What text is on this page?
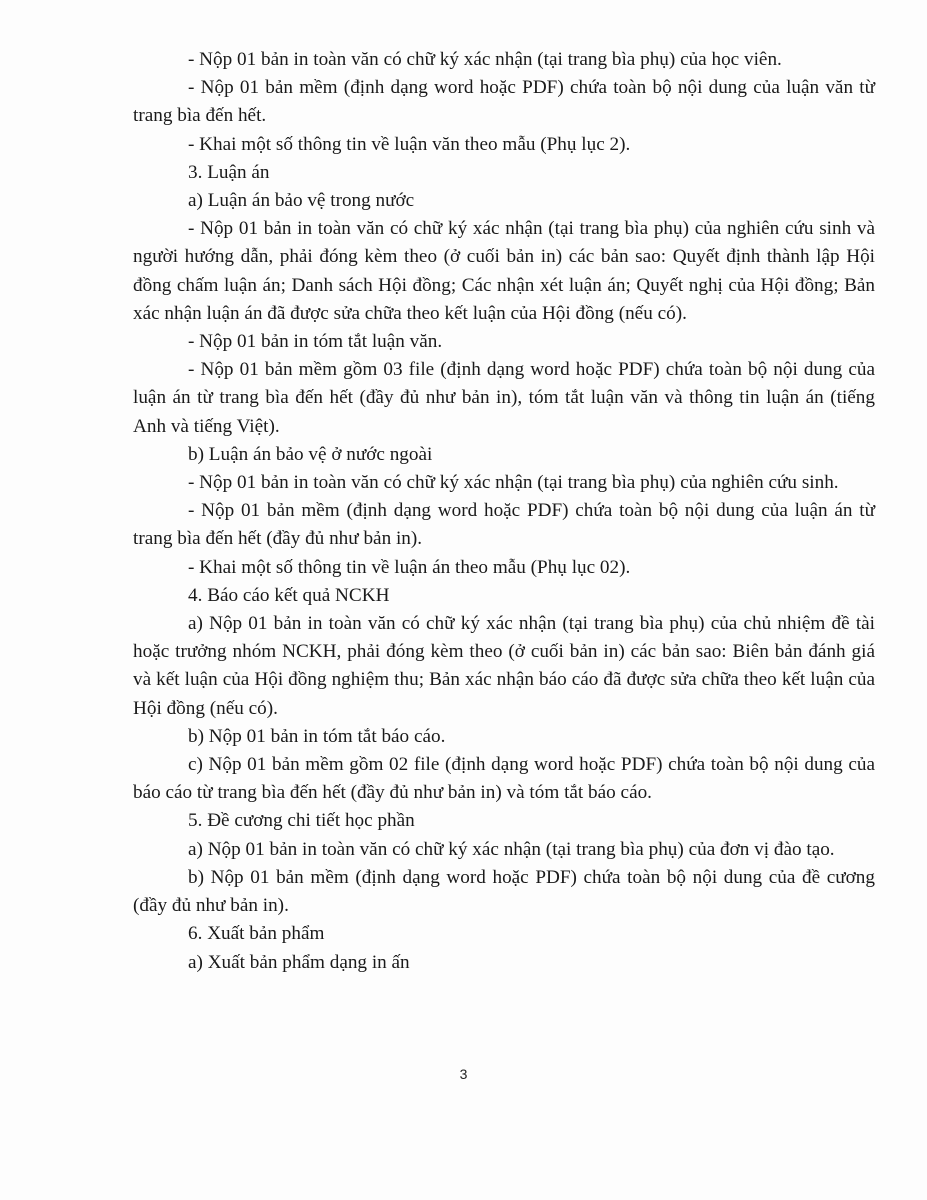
- Nộp 01 bản in toàn văn có chữ ký xác nhận (tại trang bìa phụ) của học viên.

- Nộp 01 bản mềm (định dạng word hoặc PDF) chứa toàn bộ nội dung của luận văn từ trang bìa đến hết.

- Khai một số thông tin về luận văn theo mẫu (Phụ lục 2).

3. Luận án

a) Luận án bảo vệ trong nước

- Nộp 01 bản in toàn văn có chữ ký xác nhận (tại trang bìa phụ) của nghiên cứu sinh và người hướng dẫn, phải đóng kèm theo (ở cuối bản in) các bản sao: Quyết định thành lập Hội đồng chấm luận án; Danh sách Hội đồng; Các nhận xét luận án; Quyết nghị của Hội đồng; Bản xác nhận luận án đã được sửa chữa theo kết luận của Hội đồng (nếu có).

- Nộp 01 bản in tóm tắt luận văn.

- Nộp 01 bản mềm gồm 03 file (định dạng word hoặc PDF) chứa toàn bộ nội dung của luận án từ trang bìa đến hết (đầy đủ như bản in), tóm tắt luận văn và thông tin luận án (tiếng Anh và tiếng Việt).

b) Luận án bảo vệ ở nước ngoài

- Nộp 01 bản in toàn văn có chữ ký xác nhận (tại trang bìa phụ) của nghiên cứu sinh.

- Nộp 01 bản mềm (định dạng word hoặc PDF) chứa toàn bộ nội dung của luận án từ trang bìa đến hết (đầy đủ như bản in).

- Khai một số thông tin về luận án theo mẫu (Phụ lục 02).

4. Báo cáo kết quả NCKH

a) Nộp 01 bản in toàn văn có chữ ký xác nhận (tại trang bìa phụ) của chủ nhiệm đề tài hoặc trưởng nhóm NCKH, phải đóng kèm theo (ở cuối bản in) các bản sao: Biên bản đánh giá và kết luận của Hội đồng nghiệm thu; Bản xác nhận báo cáo đã được sửa chữa theo kết luận của Hội đồng (nếu có).

b) Nộp 01 bản in tóm tắt báo cáo.

c) Nộp 01 bản mềm gồm 02 file (định dạng word hoặc PDF) chứa toàn bộ nội dung của báo cáo từ trang bìa đến hết (đầy đủ như bản in) và tóm tắt báo cáo.

5. Đề cương chi tiết học phần

a) Nộp 01 bản in toàn văn có chữ ký xác nhận (tại trang bìa phụ) của đơn vị đào tạo.

b) Nộp 01 bản mềm (định dạng word hoặc PDF) chứa toàn bộ nội dung của đề cương (đầy đủ như bản in).

6. Xuất bản phẩm

a) Xuất bản phẩm dạng in ấn

3
